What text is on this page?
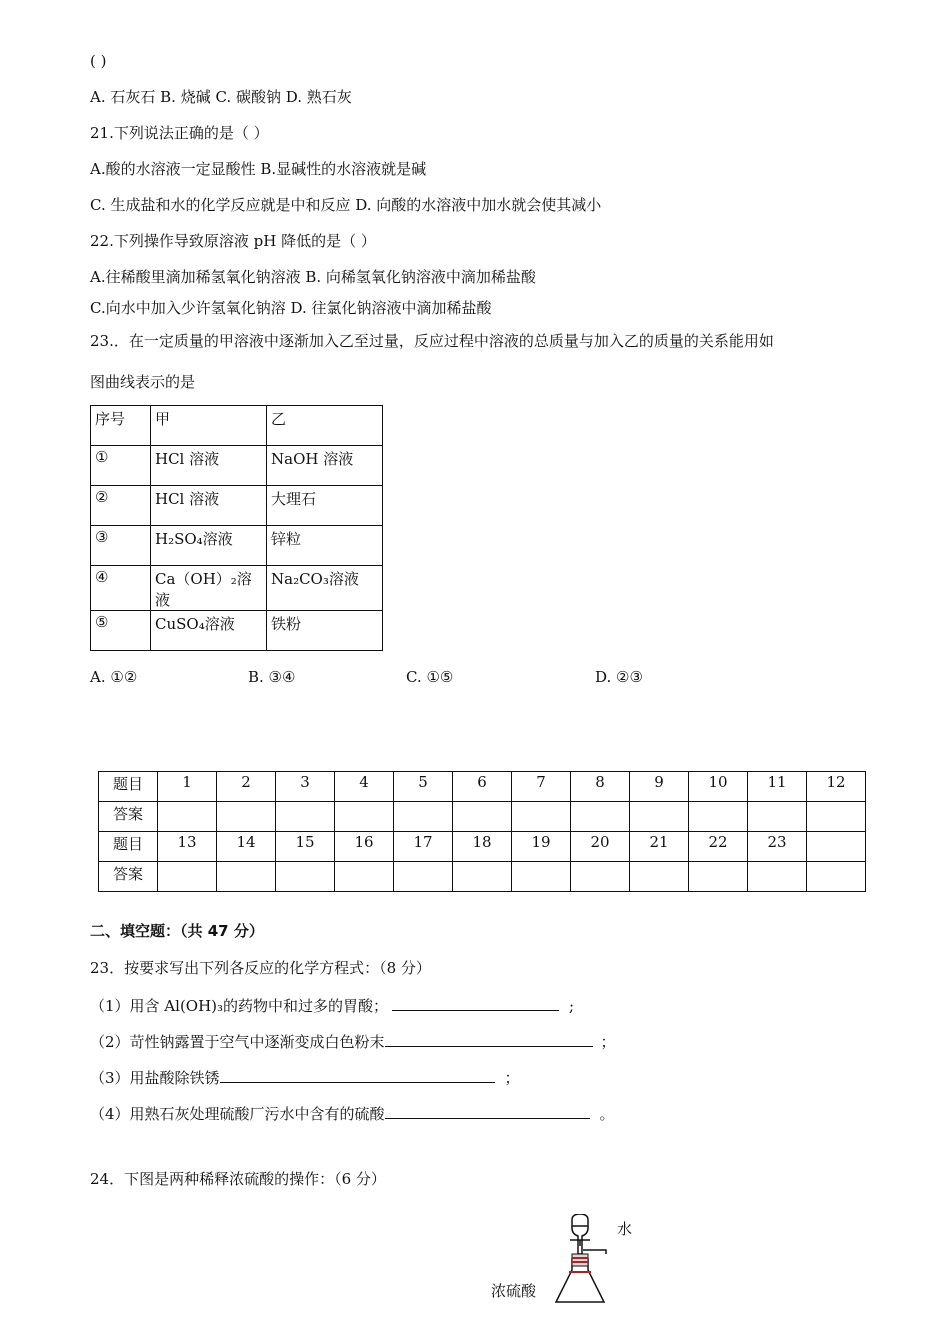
( )
A. 石灰石 B. 烧碱 C. 碳酸钠 D. 熟石灰
21.下列说法正确的是（ ）
A.酸的水溶液一定显酸性 B.显碱性的水溶液就是碱
C. 生成盐和水的化学反应就是中和反应 D. 向酸的水溶液中加水就会使其减小
22.下列操作导致原溶液 pH 降低的是（ ）
A.往稀酸里滴加稀氢氧化钠溶液 B. 向稀氢氧化钠溶液中滴加稀盐酸
C.向水中加入少许氢氧化钠溶 D. 往氯化钠溶液中滴加稀盐酸
23.．在一定质量的甲溶液中逐渐加入乙至过量，反应过程中溶液的总质量与加入乙的质量的关系能用如
图曲线表示的是
序号	甲	乙
①	HCl 溶液	NaOH 溶液
②	HCl 溶液	大理石
③	H₂SO₄溶液	锌粒
④	Ca（OH）₂溶液	Na₂CO₃溶液
⑤	CuSO₄溶液	铁粉
A. ①②	B. ③④	C. ①⑤	D. ②③
题目	1	2	3	4	5	6	7	8	9	10	11	12
答案												
题目	13	14	15	16	17	18	19	20	21	22	23	
答案												
二、填空题：（共 47 分）
23．按要求写出下列各反应的化学方程式：（8 分）
（1）用含 Al(OH)₃的药物中和过多的胃酸；	;
（2）苛性钠露置于空气中逐渐变成白色粉末	；
（3）用盐酸除铁锈	；
（4）用熟石灰处理硫酸厂污水中含有的硫酸	。
24．下图是两种稀释浓硫酸的操作：（6 分）
水
浓硫酸
